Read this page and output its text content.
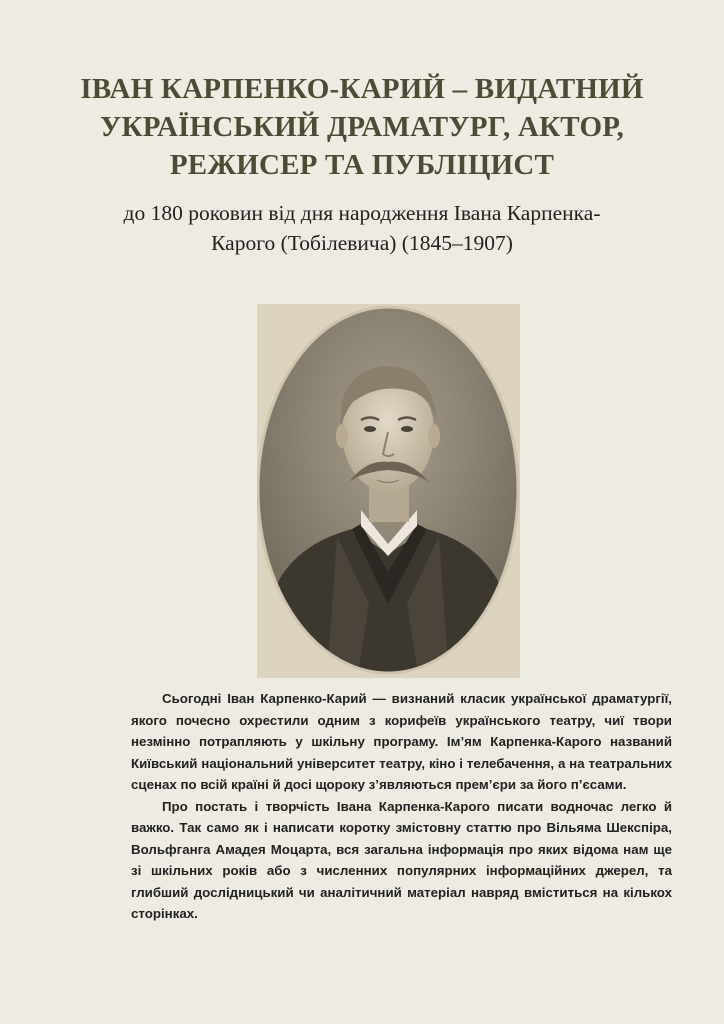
ІВАН КАРПЕНКО-КАРИЙ – ВИДАТНИЙ
УКРАЇНСЬКИЙ ДРАМАТУРГ, АКТОР,
РЕЖИСЕР ТА ПУБЛІЦИСТ

до 180 роковин від дня народження Івана Карпенка-
Карого (Тобілевича) (1845–1907)

Сьогодні Іван Карпенко-Карий — визнаний класик української драматургії, якого почесно охрестили одним з корифеїв українського театру, чиї твори незмінно потрапляють у шкільну програму. Ім’ям Карпенка-Карого названий Київський національний університет театру, кіно і телебачення, а на театральних сценах по всій країні й досі щороку з’являються прем’єри за його п’єсами.

Про постать і творчість Івана Карпенка-Карого писати водночас легко й важко. Так само як і написати коротку змістовну статтю про Вільяма Шекспіра, Вольфганга Амадея Моцарта, вся загальна інформація про яких відома нам ще зі шкільних років або з численних популярних інформаційних джерел, та глибший дослідницький чи аналітичний матеріал навряд вміститься на кількох сторінках.
